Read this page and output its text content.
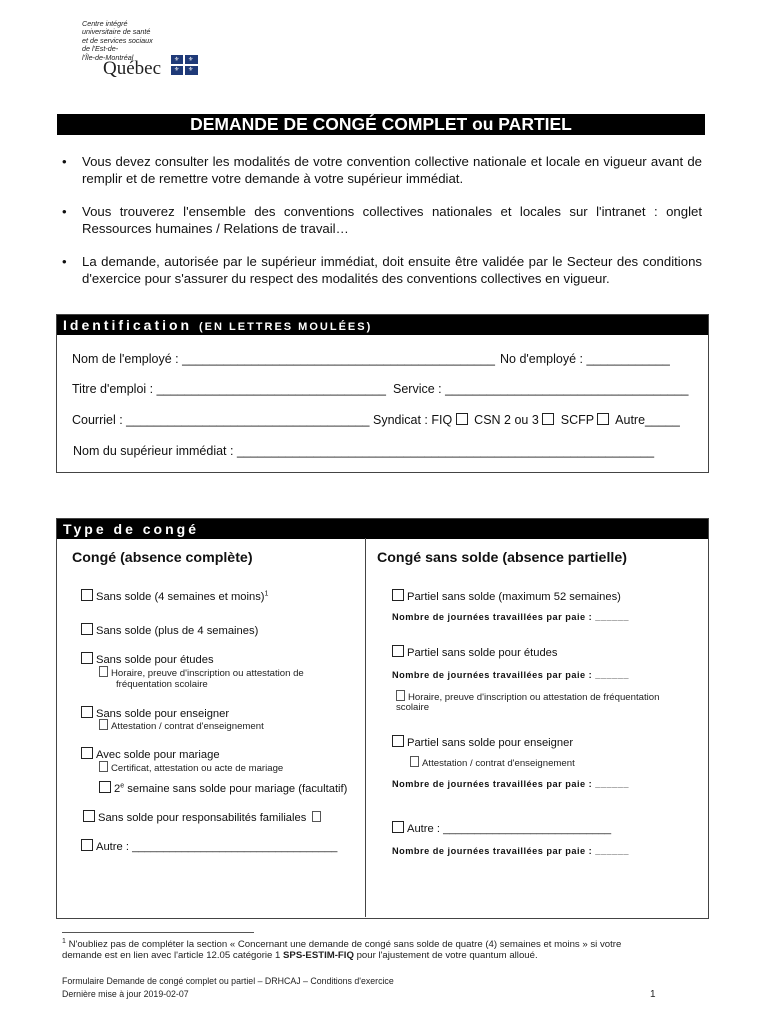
Centre intégré
universitaire de santé
et de services sociaux
de l'Est-de-
l'Île-de-Montréal
Québec ⚜ ⚜
⚜ ⚜
DEMANDE DE CONGÉ COMPLET ou PARTIEL
• Vous devez consulter les modalités de votre convention collective nationale et locale en vigueur avant de remplir et de remettre votre demande à votre supérieur immédiat.
• Vous trouverez l'ensemble des conventions collectives nationales et locales sur l'intranet : onglet Ressources humaines / Relations de travail…
• La demande, autorisée par le supérieur immédiat, doit ensuite être validée par le Secteur des conditions d'exercice pour s'assurer du respect des modalités des conventions collectives en vigueur.
Identification (EN LETTRES MOULÉES)
Nom de l'employé : _____________________________________________ No d'employé : ____________
Titre d'emploi : _________________________________ Service : ___________________________________
Courriel : ___________________________________ Syndicat : FIQ CSN 2 ou 3 SCFP Autre_____
Nom du supérieur immédiat : ____________________________________________________________
Type de congé
Congé (absence complète)	Congé sans solde (absence partielle)
Sans solde (4 semaines et moins)$^1$
Sans solde (plus de 4 semaines)
Sans solde pour études
Horaire, preuve d'inscription ou attestation de
fréquentation scolaire
Sans solde pour enseigner
Attestation / contrat d'enseignement
Avec solde pour mariage
Certificat, attestation ou acte de mariage
2e semaine sans solde pour mariage (facultatif)
Sans solde pour responsabilités familiales
Autre : _________________________________
Partiel sans solde (maximum 52 semaines)
Nombre de journées travaillées par paie : ______
Partiel sans solde pour études
Nombre de journées travaillées par paie : ______
Horaire, preuve d'inscription ou attestation de fréquentation
scolaire
Partiel sans solde pour enseigner
Attestation / contrat d'enseignement
Nombre de journées travaillées par paie : ______
Autre : ___________________________
Nombre de journées travaillées par paie : ______
$^1$ N'oubliez pas de compléter la section « Concernant une demande de congé sans solde de quatre (4) semaines et moins » si votre
demande est en lien avec l'article 12.05 catégorie 1 SPS-ESTIM-FIQ pour l'ajustement de votre quantum alloué.
Formulaire Demande de congé complet ou partiel – DRHCAJ – Conditions d'exercice
Dernière mise à jour 2019-02-07	1
